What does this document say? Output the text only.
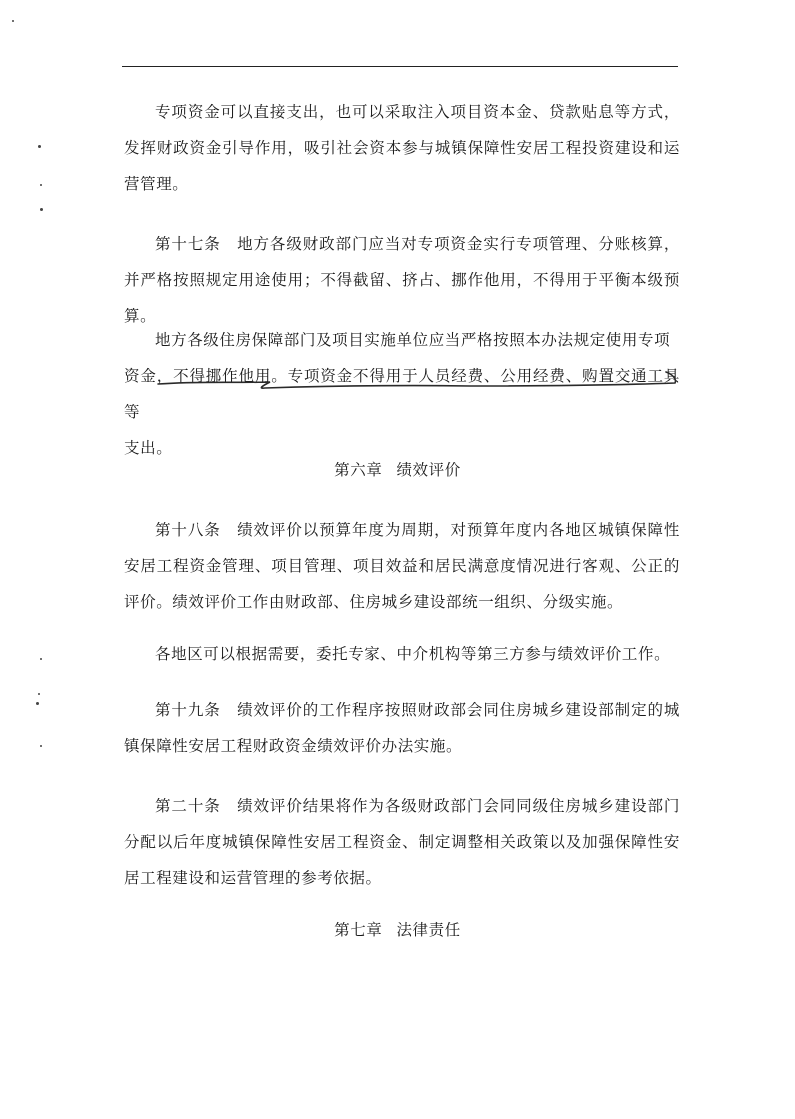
专项资金可以直接支出，也可以采取注入项目资本金、贷款贴息等方式，发挥财政资金引导作用，吸引社会资本参与城镇保障性安居工程投资建设和运营管理。

第十七条　地方各级财政部门应当对专项资金实行专项管理、分账核算，并严格按照规定用途使用；不得截留、挤占、挪作他用，不得用于平衡本级预算。

地方各级住房保障部门及项目实施单位应当严格按照本办法规定使用专项
资金，不得挪作他用。专项资金不得用于人员经费、公用经费、购置交通工具等
支出。

第六章 绩效评价

第十八条　绩效评价以预算年度为周期，对预算年度内各地区城镇保障性安居工程资金管理、项目管理、项目效益和居民满意度情况进行客观、公正的评价。绩效评价工作由财政部、住房城乡建设部统一组织、分级实施。

各地区可以根据需要，委托专家、中介机构等第三方参与绩效评价工作。

第十九条　绩效评价的工作程序按照财政部会同住房城乡建设部制定的城镇保障性安居工程财政资金绩效评价办法实施。

第二十条　绩效评价结果将作为各级财政部门会同同级住房城乡建设部门分配以后年度城镇保障性安居工程资金、制定调整相关政策以及加强保障性安居工程建设和运营管理的参考依据。

第七章 法律责任
